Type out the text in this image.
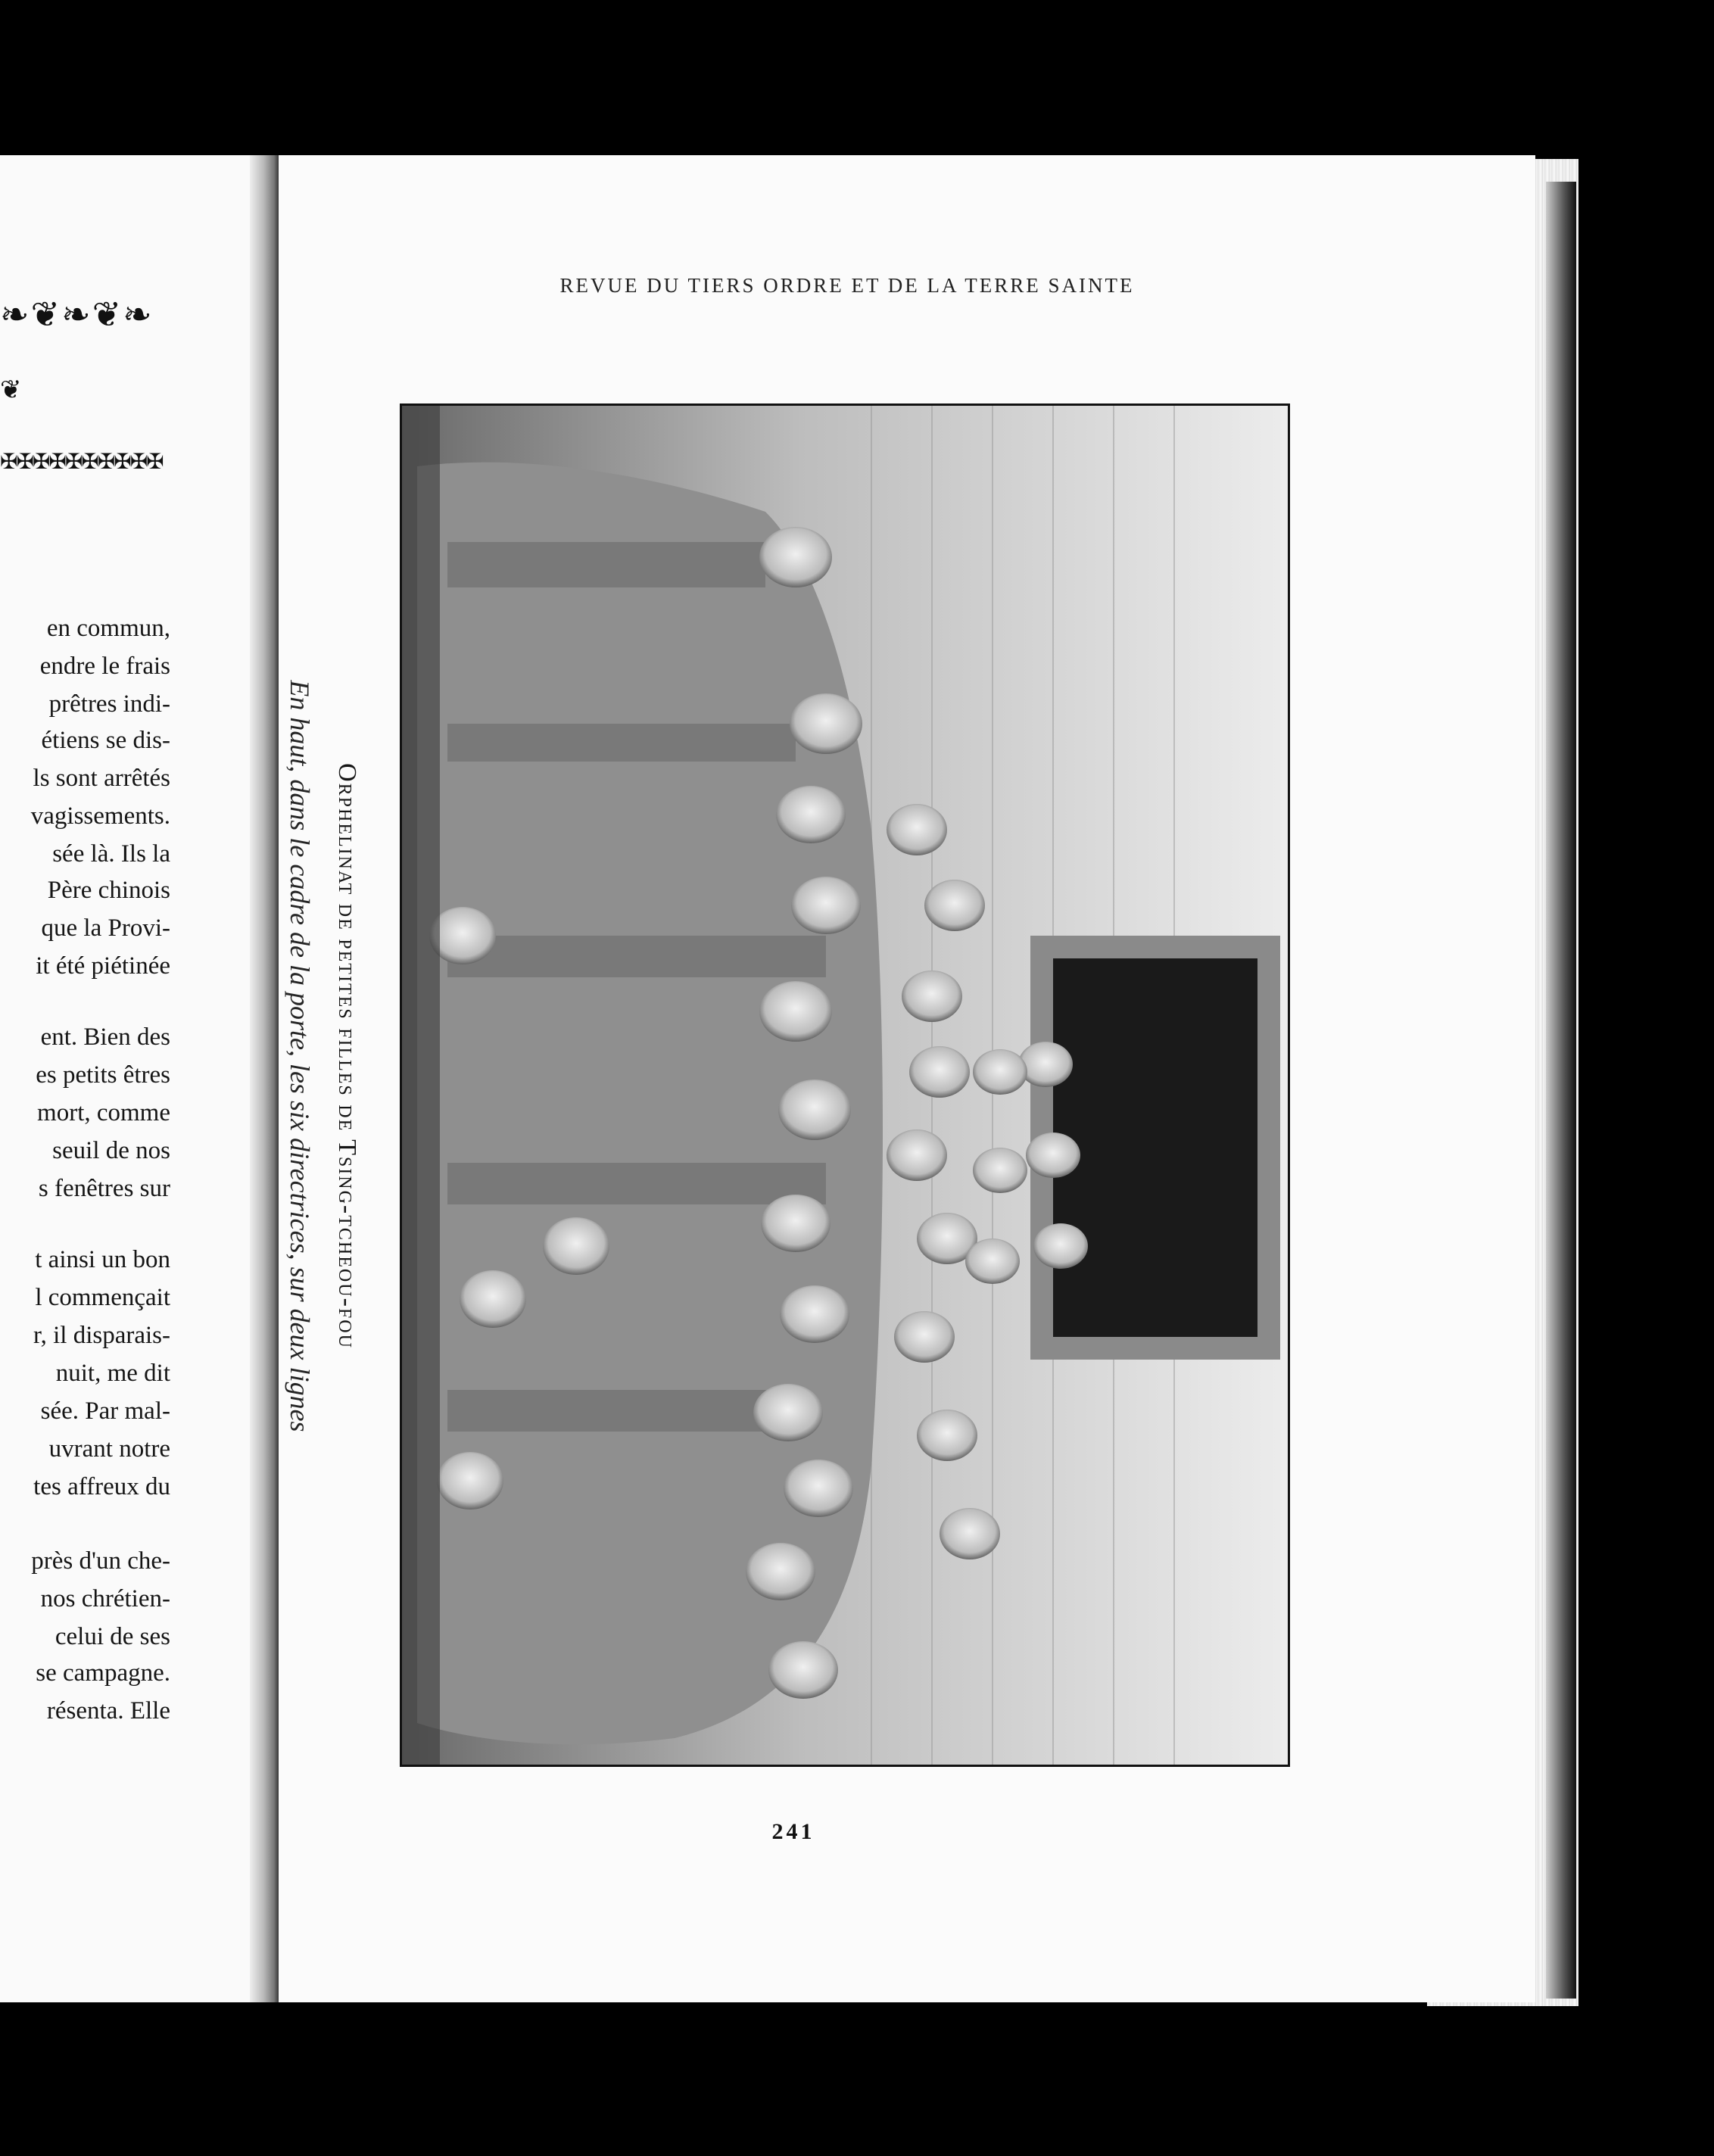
❧❦❧❦❧
❦
✠✠✠✠✠✠✠✠✠✠
en commun,
endre le frais
prêtres indi-
étiens se dis-
ls sont arrêtés
vagissements.
sée là. Ils la
Père chinois
que la Provi-
it été piétinée
ent. Bien des
es petits êtres
mort, comme
seuil de nos
s fenêtres sur
t ainsi un bon
l commençait
r, il disparais-
nuit, me dit
sée. Par mal-
uvrant notre
tes affreux du
près d'un che-
nos chrétien-
celui de ses
se campagne.
résenta. Elle
REVUE DU TIERS ORDRE ET DE LA TERRE SAINTE
Orphelinat de petites filles de Tsing-tcheou-fou
En haut, dans le cadre de la porte, les six directrices, sur deux lignes
241
